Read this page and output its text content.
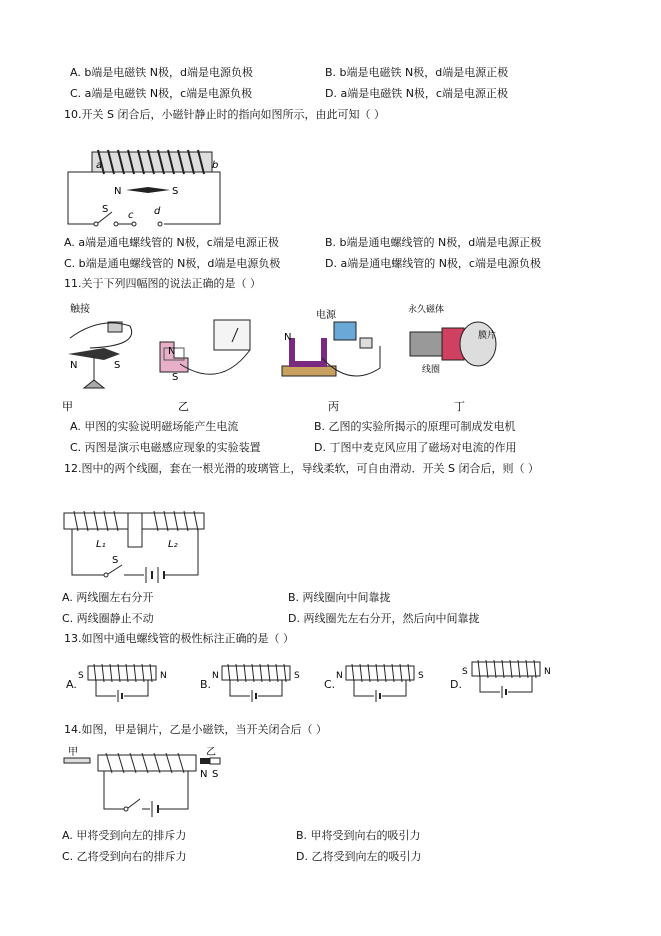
A. b端是电磁铁 N极，d端是电源负极	B. b端是电磁铁 N极，d端是电源正极
C. a端是电磁铁 N极，c端是电源负极	D. a端是电磁铁 N极，c端是电源正极
10.开关 S 闭合后，小磁针静止时的指向如图所示，由此可知（ ）
a	b
N	S
S
c d
A. a端是通电螺线管的 N极，c端是电源正极	B. b端是通电螺线管的 N极，d端是电源正极
C. b端是通电螺线管的 N极，d端是电源负极	D. a端是通电螺线管的 N极，c端是电源负极
11.关于下列四幅图的说法正确的是（ ）
触接
N	S
N
S
N
电源	永久磁体
膜片
线圈
甲	乙	丙	丁
A. 甲图的实验说明磁场能产生电流	B. 乙图的实验所揭示的原理可制成发电机
C. 丙图是演示电磁感应现象的实验装置	D. 丁图中麦克风应用了磁场对电流的作用
12.图中的两个线圈，套在一根光滑的玻璃管上，导线柔软，可自由滑动．开关 S 闭合后，则（ ）
L₁	L₂
S
A. 两线圈左右分开	B. 两线圈向中间靠拢
C. 两线圈静止不动	D. 两线圈先左右分开，然后向中间靠拢
13.如图中通电螺线管的极性标注正确的是（ ）
A.
S	N
B.
N	S
C.
N	S
D.
S	N
14.如图，甲是铜片，乙是小磁铁，当开关闭合后（ ）
甲	乙
N S
A. 甲将受到向左的排斥力	B. 甲将受到向右的吸引力
C. 乙将受到向右的排斥力	D. 乙将受到向左的吸引力
